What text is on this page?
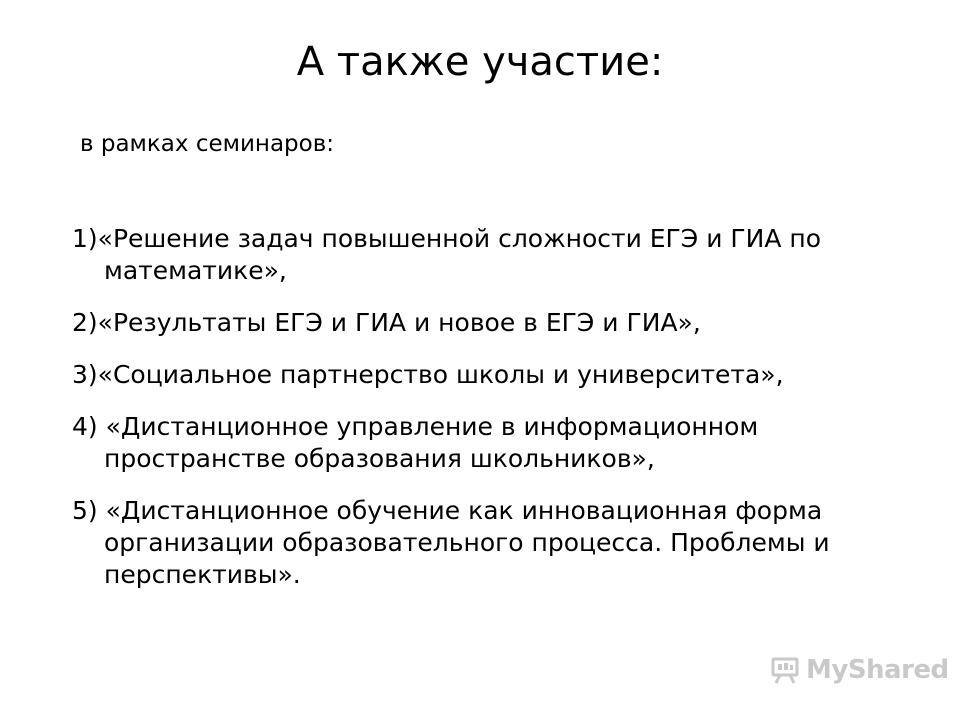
А также участие:
в рамках семинаров:
1)«Решение задач повышенной сложности ЕГЭ и ГИА по математике»,
2)«Результаты ЕГЭ и ГИА и новое в ЕГЭ и ГИА»,
3)«Социальное партнерство школы и университета»,
4) «Дистанционное управление в информационном пространстве образования школьников»,
5) «Дистанционное обучение как инновационная форма организации образовательного процесса. Проблемы и перспективы».
MyShared
